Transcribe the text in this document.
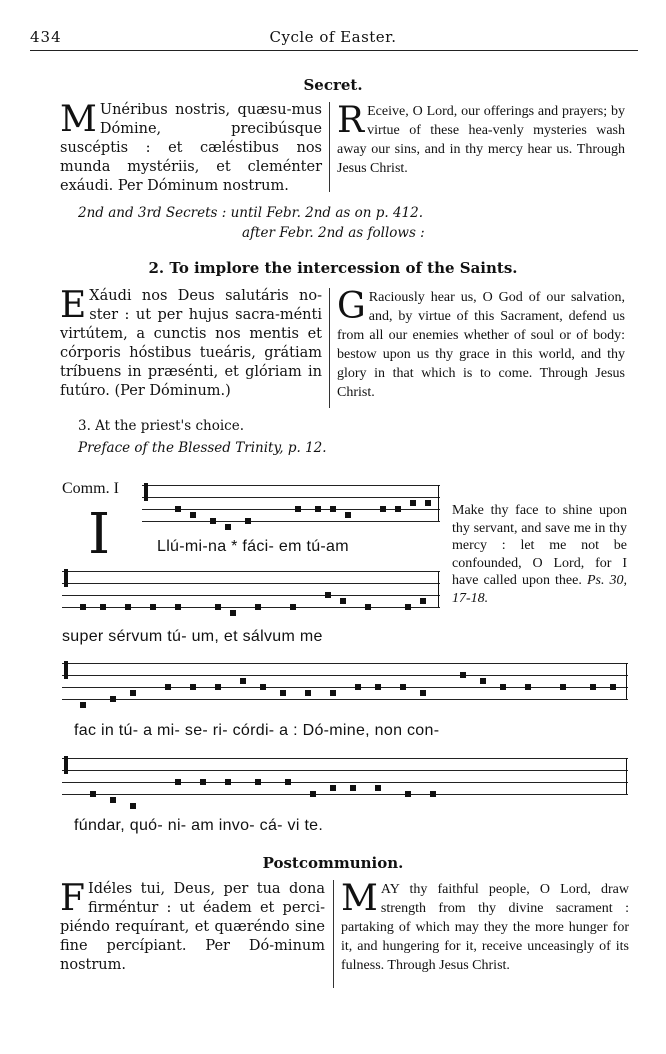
434	Cycle of Easter.
Secret.
M Unéribus nostris, quæsu-mus Dómine, precibúsque suscéptis : et cæléstibus nos munda mystériis, et cleménter exáudi. Per Dóminum nostrum.
R Eceive, O Lord, our offerings and prayers; by virtue of these hea-venly mysteries wash away our sins, and in thy mercy hear us. Through Jesus Christ.
2nd and 3rd Secrets : until Febr. 2nd as on p. 412.
after Febr. 2nd as follows :
2. To implore the intercession of the Saints.
E Xáudi nos Deus salutáris no-ster : ut per hujus sacra-ménti virtútem, a cunctis nos mentis et córporis hóstibus tueáris, grátiam tríbuens in præsénti, et glóriam in futúro. (Per Dóminum.)
G Raciously hear us, O God of our salvation, and, by virtue of this Sacrament, defend us from all our enemies whether of soul or of body: bestow upon us thy grace in this world, and thy glory in that which is to come. Through Jesus Christ.
3. At the priest's choice.
Preface of the Blessed Trinity, p. 12.
Comm. I
I	Llú-mi-na * fáci- em tú-am
super sérvum tú- um, et sálvum me
fac in tú- a mi- se- ri- córdi- a : Dó-mine, non con-
fúndar, quó- ni- am invo- cá- vi te.
Make thy face to shine upon thy servant, and save me in thy mercy : let me not be confounded, O Lord, for I have called upon thee. Ps. 30, 17-18.
Postcommunion.
F Idéles tui, Deus, per tua dona firméntur : ut éadem et perci-piéndo requírant, et quæréndo sine fine percípiant. Per Dó-minum nostrum.
MAY thy faithful people, O Lord, draw strength from thy divine sacrament : partaking of which may they the more hunger for it, and hungering for it, receive unceasingly of its fulness. Through Jesus Christ.
